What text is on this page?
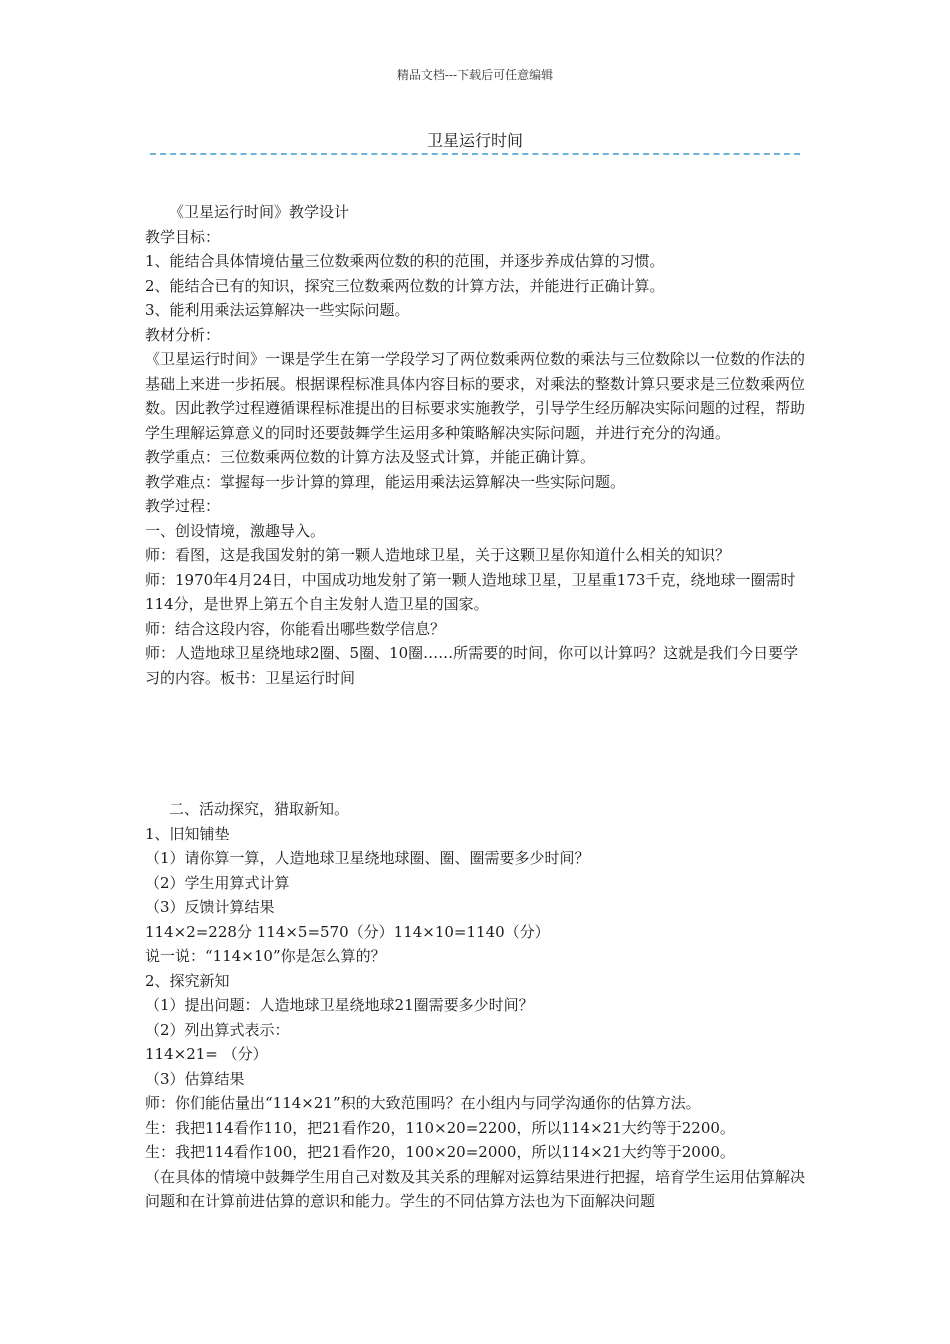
精品文档---下载后可任意编辑
卫星运行时间

《卫星运行时间》教学设计

教学目标：

1、能结合具体情境估量三位数乘两位数的积的范围，并逐步养成估算的习惯。

2、能结合已有的知识，探究三位数乘两位数的计算方法，并能进行正确计算。

3、能利用乘法运算解决一些实际问题。

教材分析：

《卫星运行时间》一课是学生在第一学段学习了两位数乘两位数的乘法与三位数除以一位数的作法的基础上来进一步拓展。根据课程标准具体内容目标的要求，对乘法的整数计算只要求是三位数乘两位数。因此教学过程遵循课程标准提出的目标要求实施教学，引导学生经历解决实际问题的过程，帮助学生理解运算意义的同时还要鼓舞学生运用多种策略解决实际问题，并进行充分的沟通。

教学重点：三位数乘两位数的计算方法及竖式计算，并能正确计算。

教学难点：掌握每一步计算的算理，能运用乘法运算解决一些实际问题。

教学过程：

一、创设情境，激趣导入。

师：看图，这是我国发射的第一颗人造地球卫星，关于这颗卫星你知道什么相关的知识？

师：1970年4月24日，中国成功地发射了第一颗人造地球卫星，卫星重173千克，绕地球一圈需时114分，是世界上第五个自主发射人造卫星的国家。

师：结合这段内容，你能看出哪些数学信息？

师：人造地球卫星绕地球2圈、5圈、10圈……所需要的时间，你可以计算吗？这就是我们今日要学习的内容。板书：卫星运行时间

二、活动探究，猎取新知。

1、旧知铺垫

（1）请你算一算，人造地球卫星绕地球圈、圈、圈需要多少时间？

（2）学生用算式计算

（3）反馈计算结果

114×2=228分 114×5=570（分）114×10=1140（分）

说一说：“114×10”你是怎么算的？

2、探究新知

（1）提出问题：人造地球卫星绕地球21圈需要多少时间？

（2）列出算式表示：

114×21= （分）

（3）估算结果

师：你们能估量出“114×21”积的大致范围吗？在小组内与同学沟通你的估算方法。

生：我把114看作110，把21看作20，110×20=2200，所以114×21大约等于2200。

生：我把114看作100，把21看作20，100×20=2000，所以114×21大约等于2000。

（在具体的情境中鼓舞学生用自己对数及其关系的理解对运算结果进行把握，培育学生运用估算解决问题和在计算前进估算的意识和能力。学生的不同估算方法也为下面解决问题
